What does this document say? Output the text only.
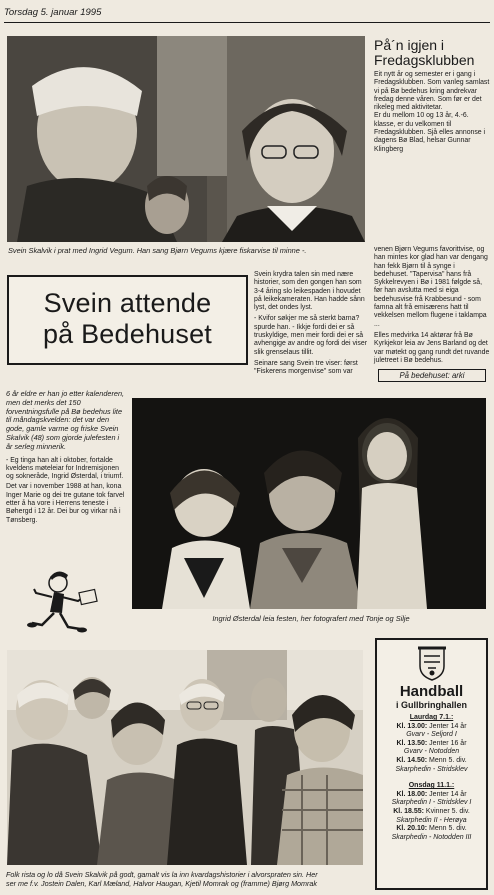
Torsdag 5. januar 1995
Svein Skalvik i prat med Ingrid Vegum. Han sang Bjørn Vegums kjære fiskarvise til minne -.
På´n igjen i
Fredagsklubben

Eit nytt år og semester er i gang i Fredagsklubben. Som vanleg samlast vi på Bø bedehus kring andrekvar fredag denne våren. Som før er det rikeleg med aktivitetar.

Er du mellom 10 og 13 år, 4.-6. klasse, er du velkomen til Fredagsklubben. Sjå elles annonse i dagens Bø Blad, helsar Gunnar Klingberg

Svein attende
på Bedehuset

Svein krydra talen sin med nære historier, som den gongen han som 3-4 åring slo leikespaden i hovudet på leikekameraten. Han hadde sånn lyst, det ondes lyst.

- Kvifor søkjer me så sterkt barna? spurde han. - Ikkje fordi dei er så truskyldige, men meir fordi dei er så avhengige av andre og fordi dei viser slik grenselaus tillit.

Seinare sang Svein tre viser: først "Fiskerens morgenvise" som var

venen Bjørn Vegums favorittvise, og han mintes kor glad han var dengang han fekk Bjørn til å synge i bedehuset. "Tapervisa" hans frå Sykkelrevyen i Bø i 1981 følgde så, før han avslutta med si eiga bedehusvise frå Krabbesund - som famna alt frå emisærens hatt til vekkelsen mellom flugene i taklampa ...

Elles medvirka 14 aktørar frå Bø Kyrkjekor leia av Jens Barland og det var møtekt og gang rundt det ruvande juletreet i Bø bedehus.

På bedehuset: arki

6 år eldre er han jo etter kalenderen, men det merks det 150 forventningsfulle på Bø bedehus lite til måndagskvelden: det var den gode, gamle varme og friske Svein Skalvik (48) som gjorde julefesten i år serleg minnerik.

- Eg tinga han alt i oktober, fortalde kveldens møteleiar for Indremisjonen og sokneråde, Ingrid Østerdal, i triumf.

Det var i november 1988 at han, kona Inger Marie og dei tre gutane tok farvel etter å ha vore i Herrens teneste i Bøhergd i 12 år. Dei bur og virkar nå i Tønsberg.

Ingrid Østerdal leia festen, her fotografert med Tonje og Silje
Folk rista og lo då Svein Skalvik på godt, gamalt vis la inn kvardagshistorier i alvorspraten sin. Her
ser me f.v. Jostein Dalen, Karl Mæland, Halvor Haugan, Kjetil Momrak og (framme) Bjørg Momrak
Handball
i Gullbringhallen
Laurdag 7.1.:
Kl. 13.00: Jenter 14 år
Gvarv - Seljord I
Kl. 13.50: Jenter 16 år
Gvarv - Notodden
Kl. 14.50: Menn 5. div.
Skarphedin - Stridsklev
Onsdag 11.1.:
Kl. 18.00: Jenter 14 år
Skarphedin I - Stridsklev I
Kl. 18.55: Kvinner 5. div.
Skarphedin II - Herøya
Kl. 20.10: Menn 5. div.
Skarphedin - Notodden III
